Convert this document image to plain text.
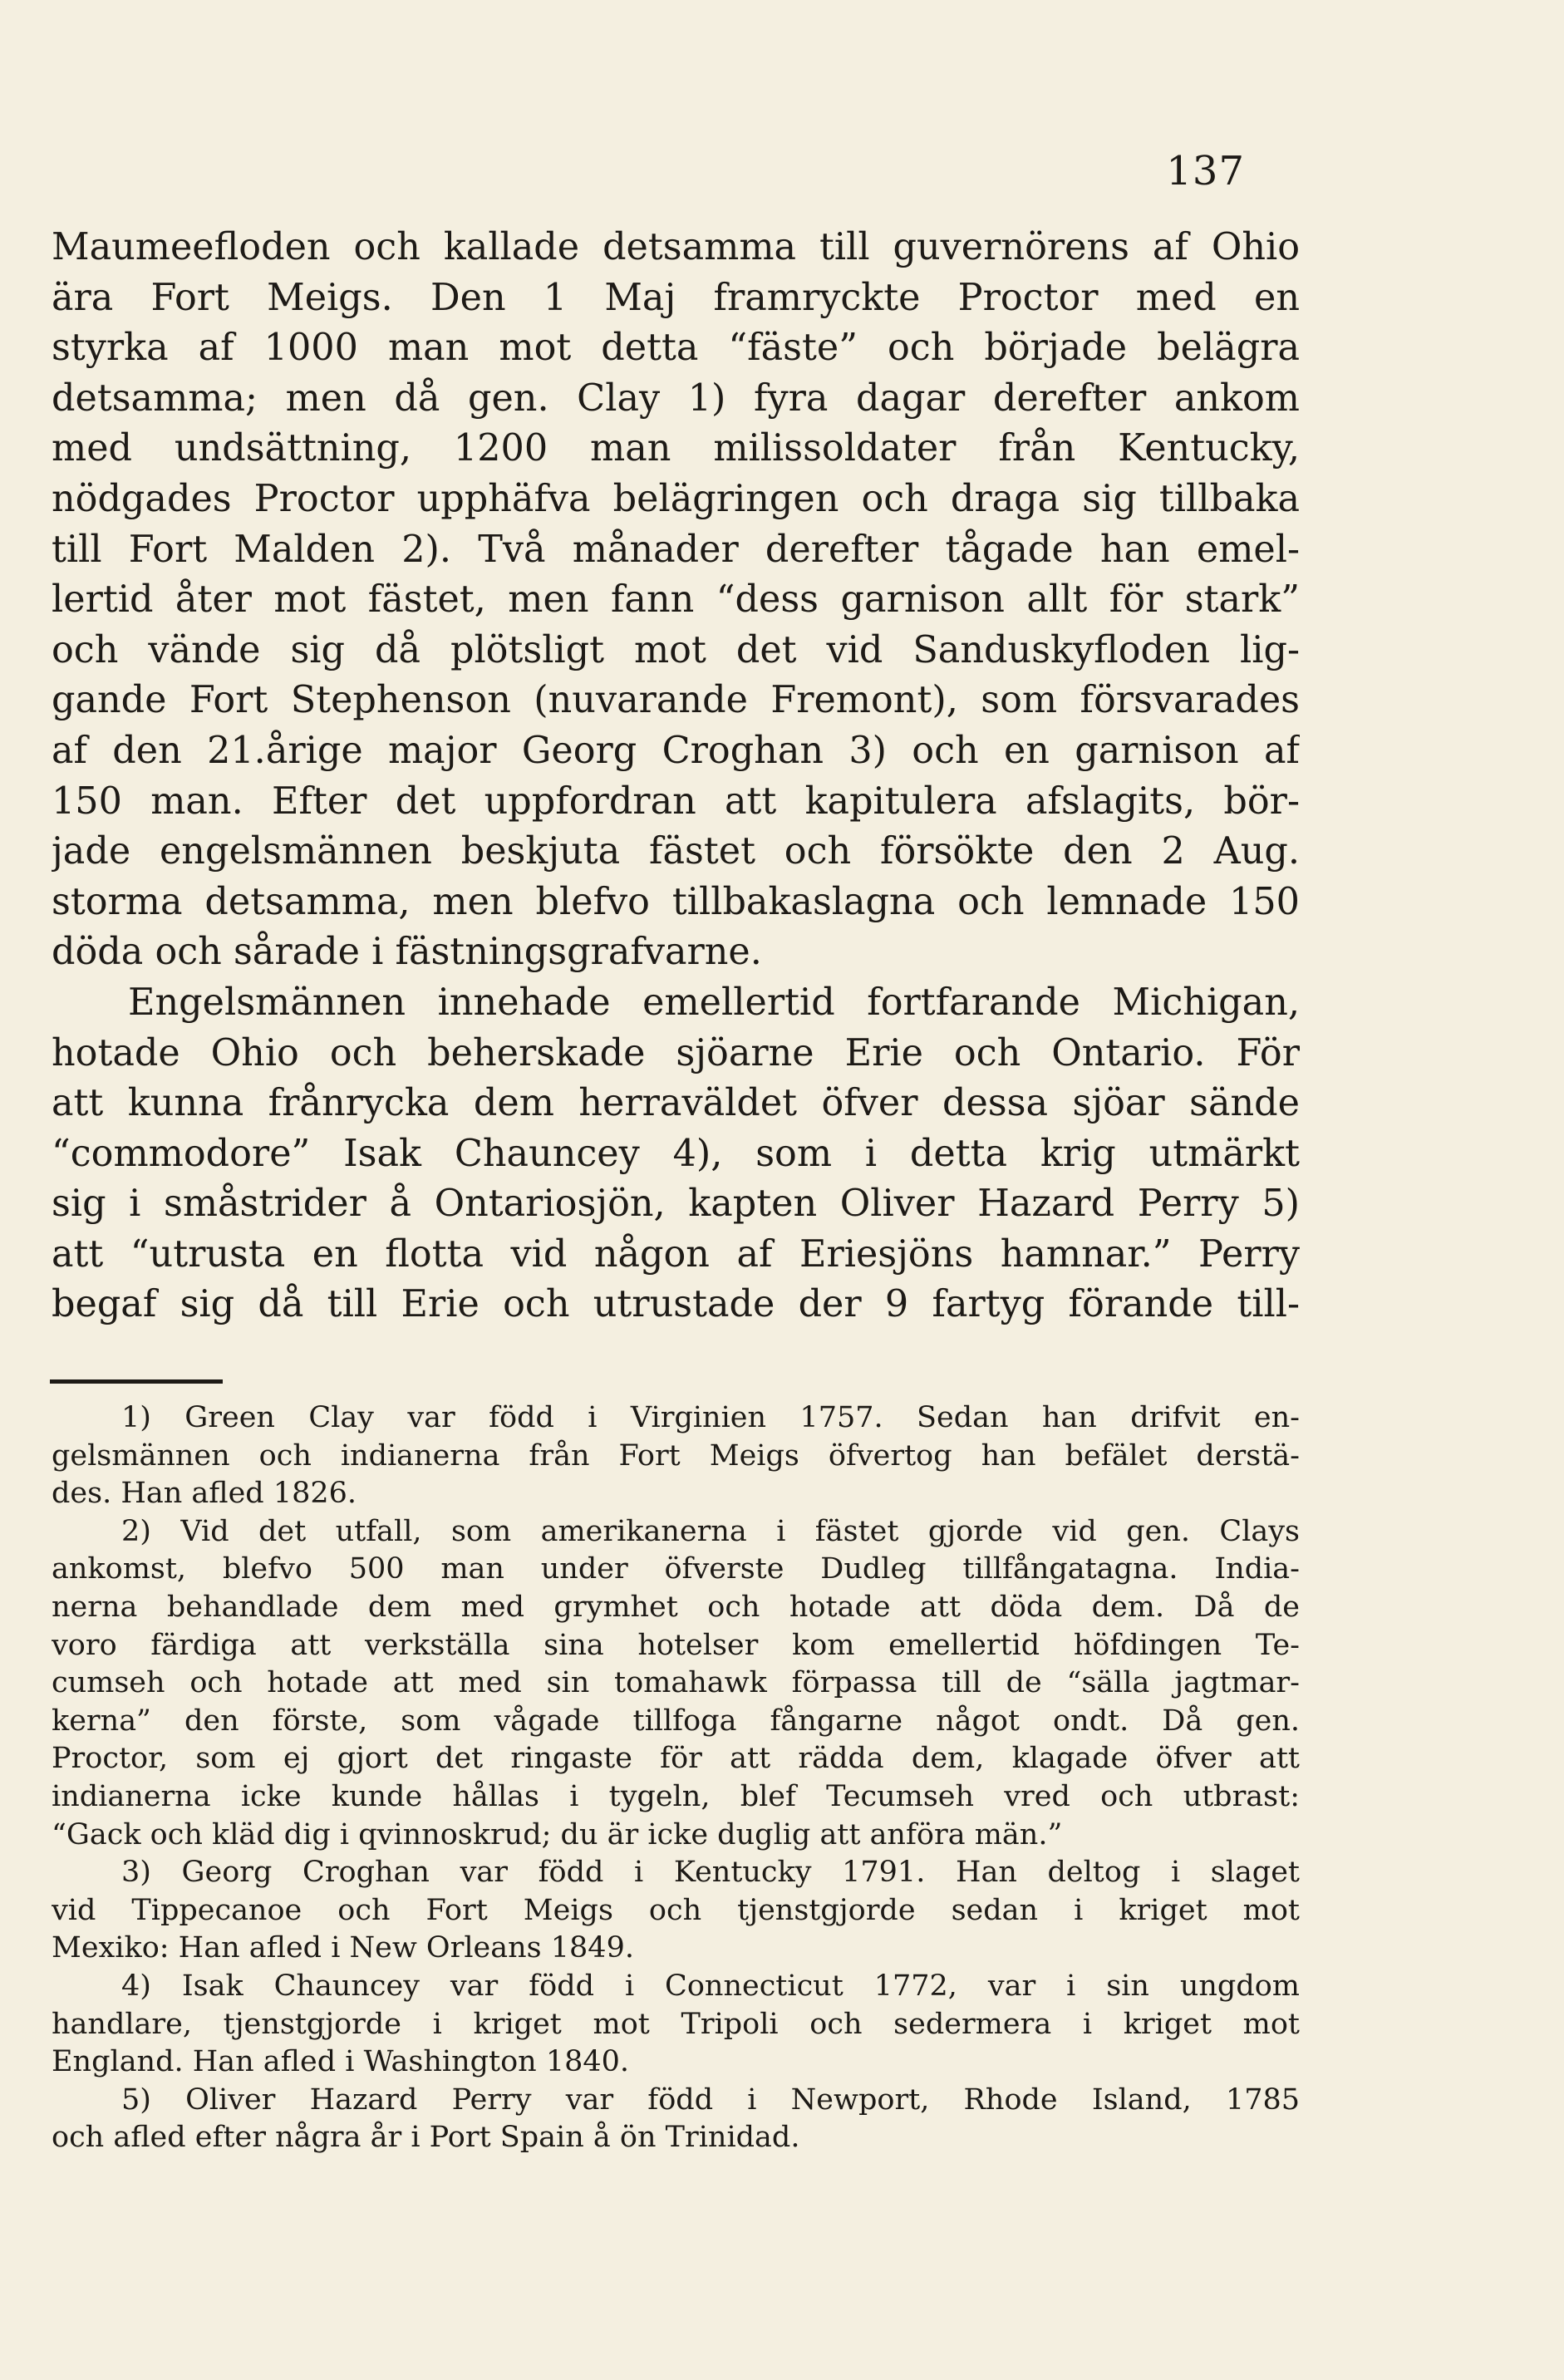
137
Maumeefloden och kallade detsamma till guvernörens af Ohio
ära Fort Meigs. Den 1 Maj framryckte Proctor med en
styrka af 1000 man mot detta “fäste” och började belägra
detsamma; men då gen. Clay 1) fyra dagar derefter ankom
med undsättning, 1200 man milissoldater från Kentucky,
nödgades Proctor upphäfva belägringen och draga sig tillbaka
till Fort Malden 2). Två månader derefter tågade han emel-
lertid åter mot fästet, men fann “dess garnison allt för stark”
och vände sig då plötsligt mot det vid Sanduskyfloden lig-
gande Fort Stephenson (nuvarande Fremont), som försvarades
af den 21.årige major Georg Croghan 3) och en garnison af
150 man. Efter det uppfordran att kapitulera afslagits, bör-
jade engelsmännen beskjuta fästet och försökte den 2 Aug.
storma detsamma, men blefvo tillbakaslagna och lemnade 150
döda och sårade i fästningsgrafvarne.
Engelsmännen innehade emellertid fortfarande Michigan,
hotade Ohio och beherskade sjöarne Erie och Ontario. För
att kunna frånrycka dem herraväldet öfver dessa sjöar sände
“commodore” Isak Chauncey 4), som i detta krig utmärkt
sig i småstrider å Ontariosjön, kapten Oliver Hazard Perry 5)
att “utrusta en flotta vid någon af Eriesjöns hamnar.” Perry
begaf sig då till Erie och utrustade der 9 fartyg förande till-
1) Green Clay var född i Virginien 1757. Sedan han drifvit en-
gelsmännen och indianerna från Fort Meigs öfvertog han befälet derstä-
des. Han afled 1826.
2) Vid det utfall, som amerikanerna i fästet gjorde vid gen. Clays
ankomst, blefvo 500 man under öfverste Dudleg tillfångatagna. India-
nerna behandlade dem med grymhet och hotade att döda dem. Då de
voro färdiga att verkställa sina hotelser kom emellertid höfdingen Te-
cumseh och hotade att med sin tomahawk förpassa till de “sälla jagtmar-
kerna” den förste, som vågade tillfoga fångarne något ondt. Då gen.
Proctor, som ej gjort det ringaste för att rädda dem, klagade öfver att
indianerna icke kunde hållas i tygeln, blef Tecumseh vred och utbrast:
“Gack och kläd dig i qvinnoskrud; du är icke duglig att anföra män.”
3) Georg Croghan var född i Kentucky 1791. Han deltog i slaget
vid Tippecanoe och Fort Meigs och tjenstgjorde sedan i kriget mot
Mexiko: Han afled i New Orleans 1849.
4) Isak Chauncey var född i Connecticut 1772, var i sin ungdom
handlare, tjenstgjorde i kriget mot Tripoli och sedermera i kriget mot
England. Han afled i Washington 1840.
5) Oliver Hazard Perry var född i Newport, Rhode Island, 1785
och afled efter några år i Port Spain å ön Trinidad.
